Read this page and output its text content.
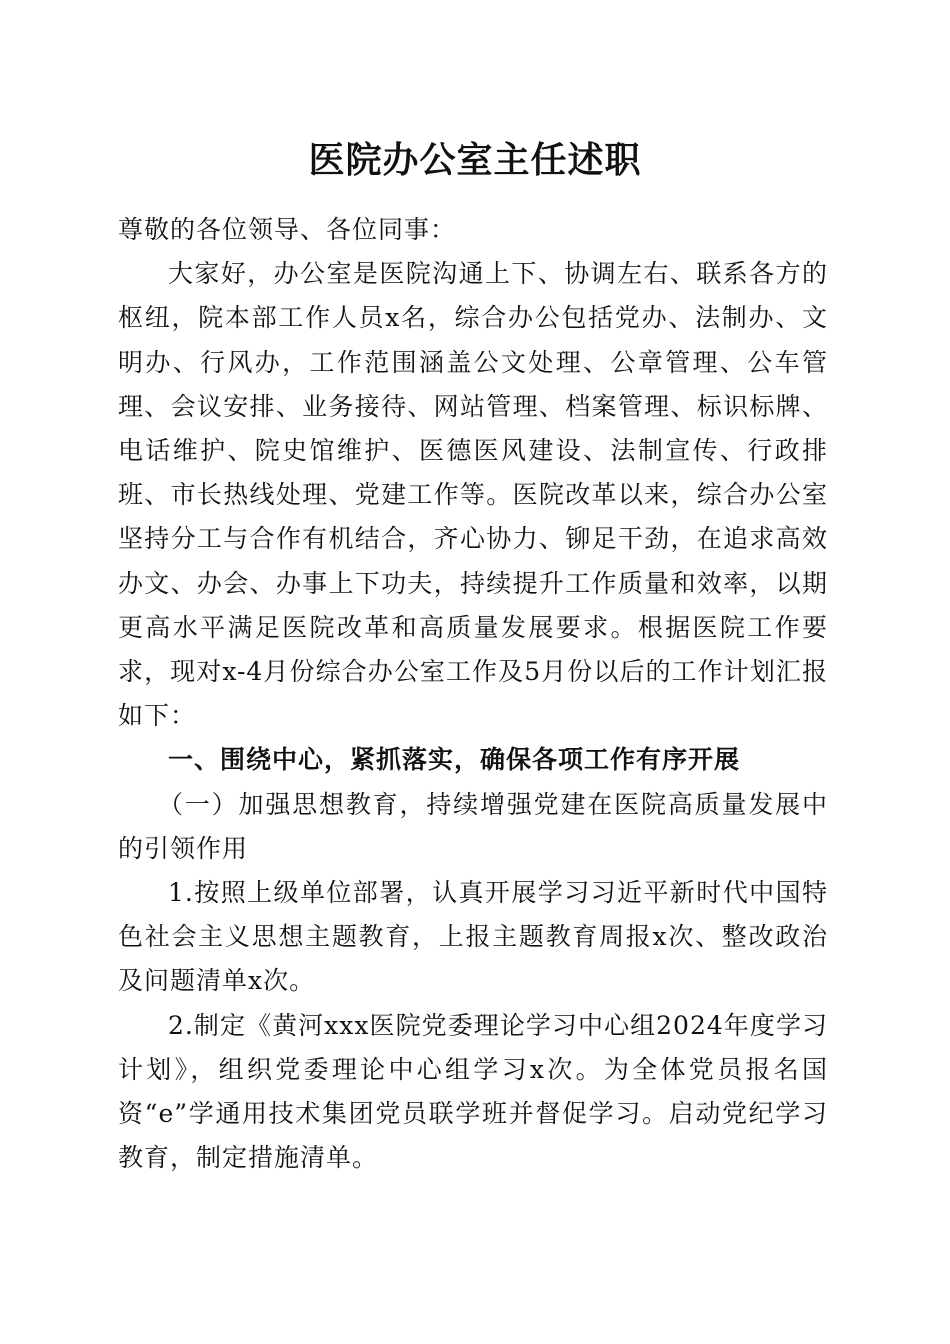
医院办公室主任述职

尊敬的各位领导、各位同事：

大家好，办公室是医院沟通上下、协调左右、联系各方的枢纽，院本部工作人员x名，综合办公包括党办、法制办、文明办、行风办，工作范围涵盖公文处理、公章管理、公车管理、会议安排、业务接待、网站管理、档案管理、标识标牌、电话维护、院史馆维护、医德医风建设、法制宣传、行政排班、市长热线处理、党建工作等。医院改革以来，综合办公室坚持分工与合作有机结合，齐心协力、铆足干劲，在追求高效办文、办会、办事上下功夫，持续提升工作质量和效率，以期更高水平满足医院改革和高质量发展要求。根据医院工作要求，现对x-4月份综合办公室工作及5月份以后的工作计划汇报如下：

一、围绕中心，紧抓落实，确保各项工作有序开展

（一）加强思想教育，持续增强党建在医院高质量发展中的引领作用

1.按照上级单位部署，认真开展学习习近平新时代中国特色社会主义思想主题教育，上报主题教育周报x次、整改政治及问题清单x次。

2.制定《黄河xxx医院党委理论学习中心组2024年度学习计划》，组织党委理论中心组学习x次。为全体党员报名国资“e”学通用技术集团党员联学班并督促学习。启动党纪学习教育，制定措施清单。
